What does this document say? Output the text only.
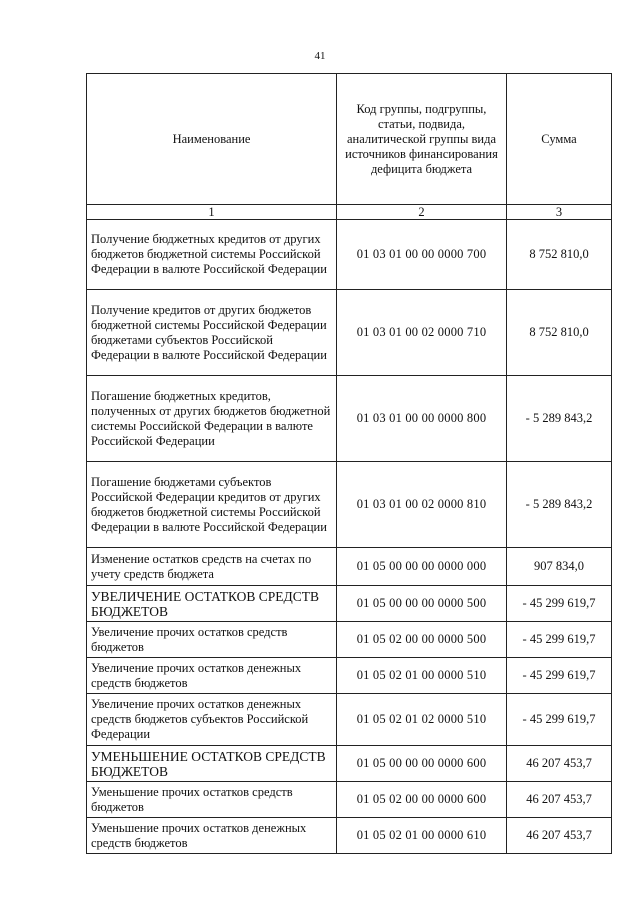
41
Наименование	Код группы, подгруппы, статьи, подвида, аналитической группы вида источников финансирования дефицита бюджета	Сумма
1	2	3
Получение бюджетных кредитов от других бюджетов бюджетной системы Российской Федерации в валюте Российской Федерации	01 03 01 00 00 0000 700	8 752 810,0
Получение кредитов от других бюджетов бюджетной системы Российской Федерации бюджетами субъектов Российской Федерации в валюте Российской Федерации	01 03 01 00 02 0000 710	8 752 810,0
Погашение бюджетных кредитов, полученных от других бюджетов бюджетной системы Российской Федерации в валюте Российской Федерации	01 03 01 00 00 0000 800	- 5 289 843,2
Погашение бюджетами субъектов Российской Федерации кредитов от других бюджетов бюджетной системы Российской Федерации в валюте Российской Федерации	01 03 01 00 02 0000 810	- 5 289 843,2
Изменение остатков средств на счетах по учету средств бюджета	01 05 00 00 00 0000 000	907 834,0
УВЕЛИЧЕНИЕ ОСТАТКОВ СРЕДСТВ БЮДЖЕТОВ	01 05 00 00 00 0000 500	- 45 299 619,7
Увеличение прочих остатков средств бюджетов	01 05 02 00 00 0000 500	- 45 299 619,7
Увеличение прочих остатков денежных средств бюджетов	01 05 02 01 00 0000 510	- 45 299 619,7
Увеличение прочих остатков денежных средств бюджетов субъектов Российской Федерации	01 05 02 01 02 0000 510	- 45 299 619,7
УМЕНЬШЕНИЕ ОСТАТКОВ СРЕДСТВ БЮДЖЕТОВ	01 05 00 00 00 0000 600	46 207 453,7
Уменьшение прочих остатков средств бюджетов	01 05 02 00 00 0000 600	46 207 453,7
Уменьшение прочих остатков денежных средств бюджетов	01 05 02 01 00 0000 610	46 207 453,7
